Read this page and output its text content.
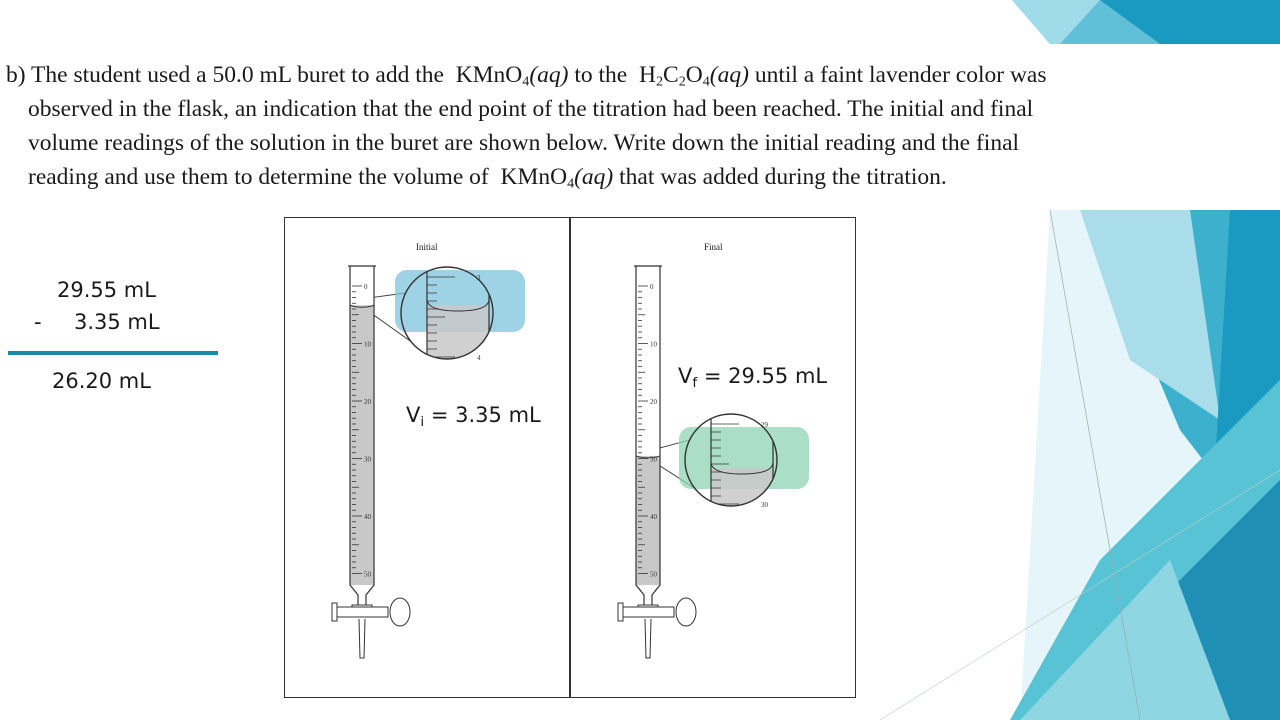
b) The student used a 50.0 mL buret to add the KMnO$_4$(aq) to the $H_2C_2O_4(aq)$ until a faint lavender color was
observed in the flask, an indication that the end point of the titration had been reached. The initial and final
volume readings of the solution in the buret are shown below. Write down the initial reading and the final
reading and use them to determine the volume of KMnO$_4$(aq) that was added during the titration.
29.55 mL
- 3.35 mL
26.20 mL
Initial	Final
0
10
20
30
40
50
3
4
0
10
20
30
40
50
29
30
$V_i = 3.35$ mL
$V_f = 29.55$ mL
